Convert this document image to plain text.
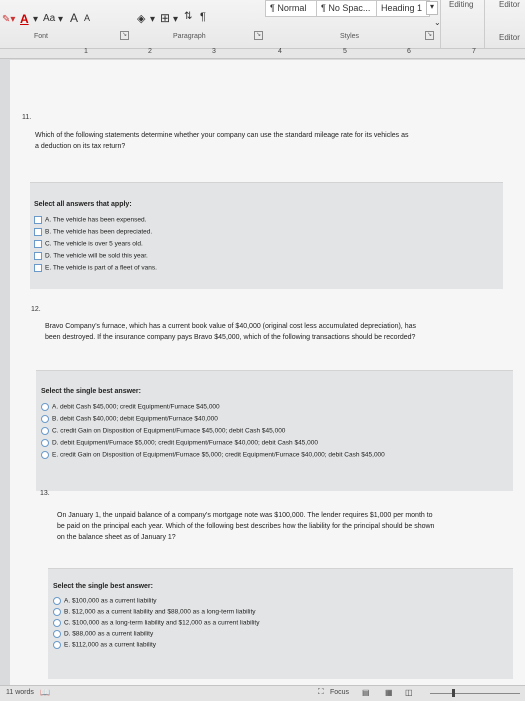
✎▾ A ▾ Aa ▾ A A
Font	↘
◈ ▾ ⊞ ▾ ⇅ ¶
Paragraph	↘
¶ Normal	¶ No Spac...	Heading 1 ▾
⌄
Styles	↘
Editing	Editor
Editor
1	2	3	4	5	6	7
11.
Which of the following statements determine whether your company can use the standard mileage rate for its vehicles as
a deduction on its tax return?
Select all answers that apply:
A. The vehicle has been expensed.
B. The vehicle has been depreciated.
C. The vehicle is over 5 years old.
D. The vehicle will be sold this year.
E. The vehicle is part of a fleet of vans.
12.
Bravo Company's furnace, which has a current book value of $40,000 (original cost less accumulated depreciation), has
been destroyed. If the insurance company pays Bravo $45,000, which of the following transactions should be recorded?
Select the single best answer:
A. debit Cash $45,000; credit Equipment/Furnace $45,000
B. debit Cash $40,000; debit Equipment/Furnace $40,000
C. credit Gain on Disposition of Equipment/Furnace $45,000; debit Cash $45,000
D. debit Equipment/Furnace $5,000; credit Equipment/Furnace $40,000; debit Cash $45,000
E. credit Gain on Disposition of Equipment/Furnace $5,000; credit Equipment/Furnace $40,000; debit Cash $45,000
13.
On January 1, the unpaid balance of a company's mortgage note was $100,000. The lender requires $1,000 per month to
be paid on the principal each year. Which of the following best describes how the liability for the principal should be shown
on the balance sheet as of January 1?
Select the single best answer:
A. $100,000 as a current liability
B. $12,000 as a current liability and $88,000 as a long-term liability
C. $100,000 as a long-term liability and $12,000 as a current liability
D. $88,000 as a current liability
E. $112,000 as a current liability
11 words 📖	⛶ Focus ▤ ▦ ◫
